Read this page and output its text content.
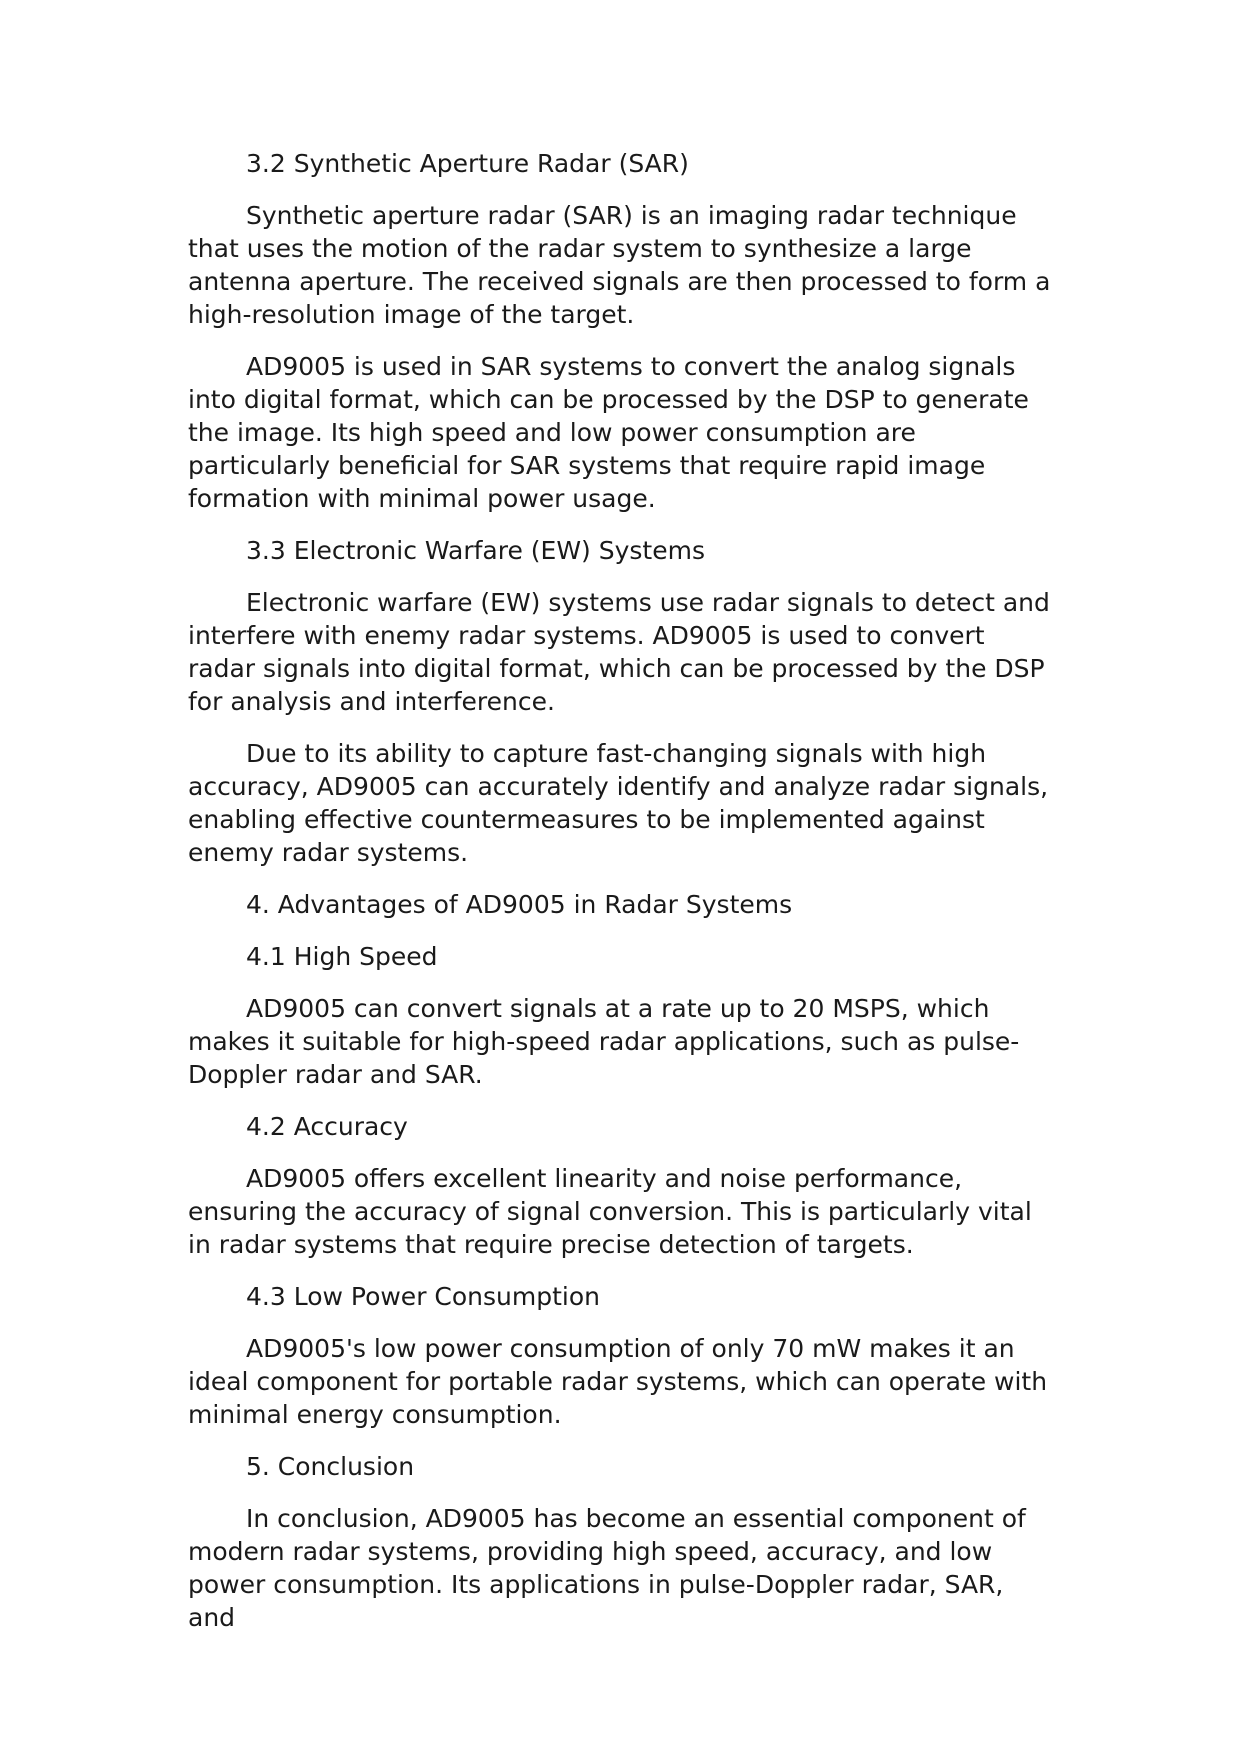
3.2 Synthetic Aperture Radar (SAR)

Synthetic aperture radar (SAR) is an imaging radar technique that uses the motion of the radar system to synthesize a large antenna aperture. The received signals are then processed to form a high-resolution image of the target.

AD9005 is used in SAR systems to convert the analog signals into digital format, which can be processed by the DSP to generate the image. Its high speed and low power consumption are particularly beneficial for SAR systems that require rapid image formation with minimal power usage.

3.3 Electronic Warfare (EW) Systems

Electronic warfare (EW) systems use radar signals to detect and interfere with enemy radar systems. AD9005 is used to convert radar signals into digital format, which can be processed by the DSP for analysis and interference.

Due to its ability to capture fast-changing signals with high accuracy, AD9005 can accurately identify and analyze radar signals, enabling effective countermeasures to be implemented against enemy radar systems.

4. Advantages of AD9005 in Radar Systems

4.1 High Speed

AD9005 can convert signals at a rate up to 20 MSPS, which makes it suitable for high-speed radar applications, such as pulse-Doppler radar and SAR.

4.2 Accuracy

AD9005 offers excellent linearity and noise performance, ensuring the accuracy of signal conversion. This is particularly vital in radar systems that require precise detection of targets.

4.3 Low Power Consumption

AD9005's low power consumption of only 70 mW makes it an ideal component for portable radar systems, which can operate with minimal energy consumption.

5. Conclusion

In conclusion, AD9005 has become an essential component of modern radar systems, providing high speed, accuracy, and low power consumption. Its applications in pulse-Doppler radar, SAR, and
